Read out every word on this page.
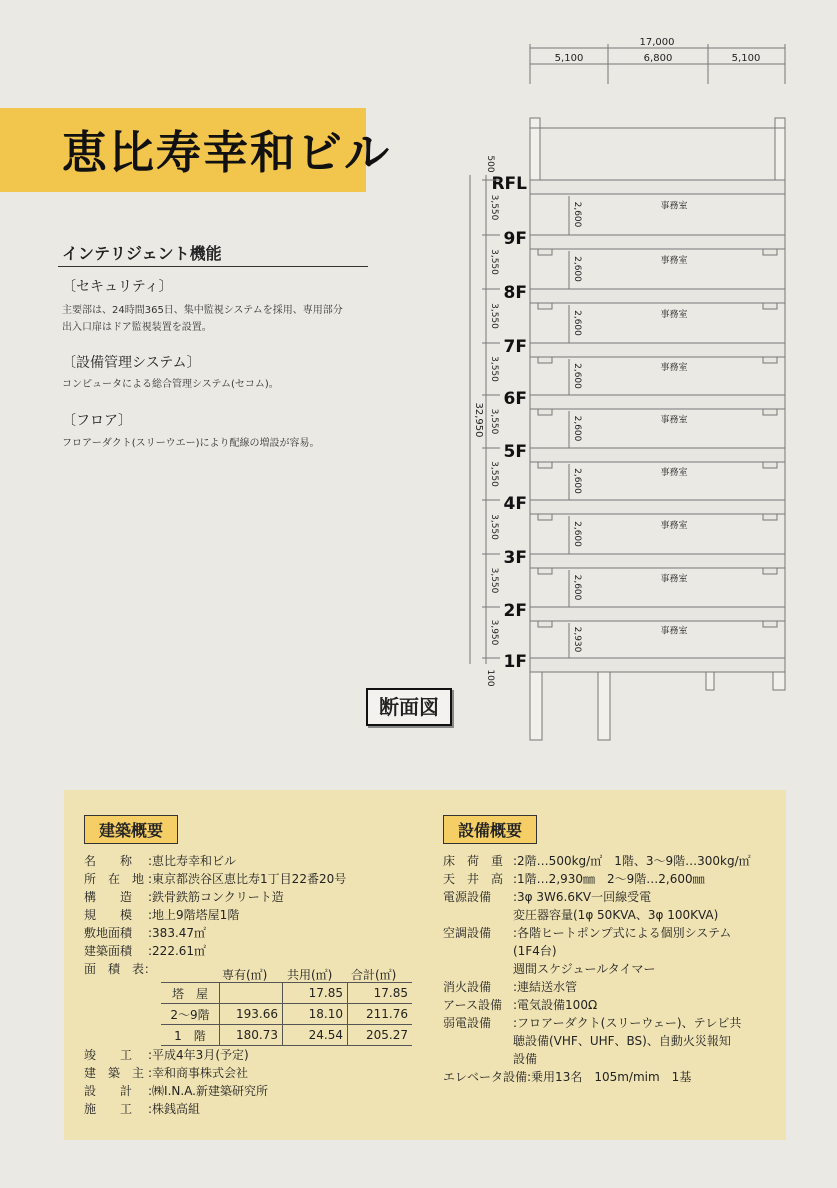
恵比寿幸和ビル
インテリジェント機能
〔セキュリティ〕
主要部は、24時間365日、集中監視システムを採用、専用部分
出入口扉はドア監視装置を設置。
〔設備管理システム〕
コンピュータによる総合管理システム(セコム)。
〔フロア〕
フロアーダクト(スリーウエー)により配線の増設が容易。
17,000
5,100	6,800	5,100
RFL
9F
8F
7F
6F
5F
4F
3F
2F
1F
事務室
2,600
事務室
2,600
事務室
2,600
事務室
2,600
事務室
2,600
事務室
2,600
事務室
2,600
事務室
2,600
事務室
2,930
3,550
3,550
3,550
3,550
3,550
3,550
3,550
3,550
3,950
500
32,950
100
断面図
建築概要	設備概要
名　　称	:恵比寿幸和ビル
所　在　地 :東京都渋谷区恵比寿1丁目22番20号
構　　造	:鉄骨鉄筋コンクリート造
規　　模	:地上9階塔屋1階
敷地面積	:383.47㎡
建築面積	:222.61㎡
面　積　表：	専有(㎡) 共用(㎡) 合計(㎡)
塔　屋		17.85	17.85
2〜9階	193.66	18.10	211.76
1　階	180.73	24.54	205.27
竣　　工	:平成4年3月(予定)
建　築　主 :幸和商事株式会社
設　　計	:㈱I.N.A.新建築研究所
施　　工	:株銭高組
床　荷　重 :2階…500kg/㎡　1階、3〜9階…300kg/㎡
天　井　高 :1階…2,930㎜　2〜9階…2,600㎜
電源設備	:3φ 3W6.6KV一回線受電
変圧器容量(1φ 50KVA、3φ 100KVA)
空調設備	:各階ヒートポンプ式による個別システム
(1F4台)
週間スケジュールタイマー
消火設備	:連結送水管
アース設備 :電気設備100Ω
弱電設備	:フロアーダクト(スリーウェー)、テレビ共
聴設備(VHF、UHF、BS)、自動火災報知
設備
エレベータ設備 :乗用13名　105m/mim　1基
